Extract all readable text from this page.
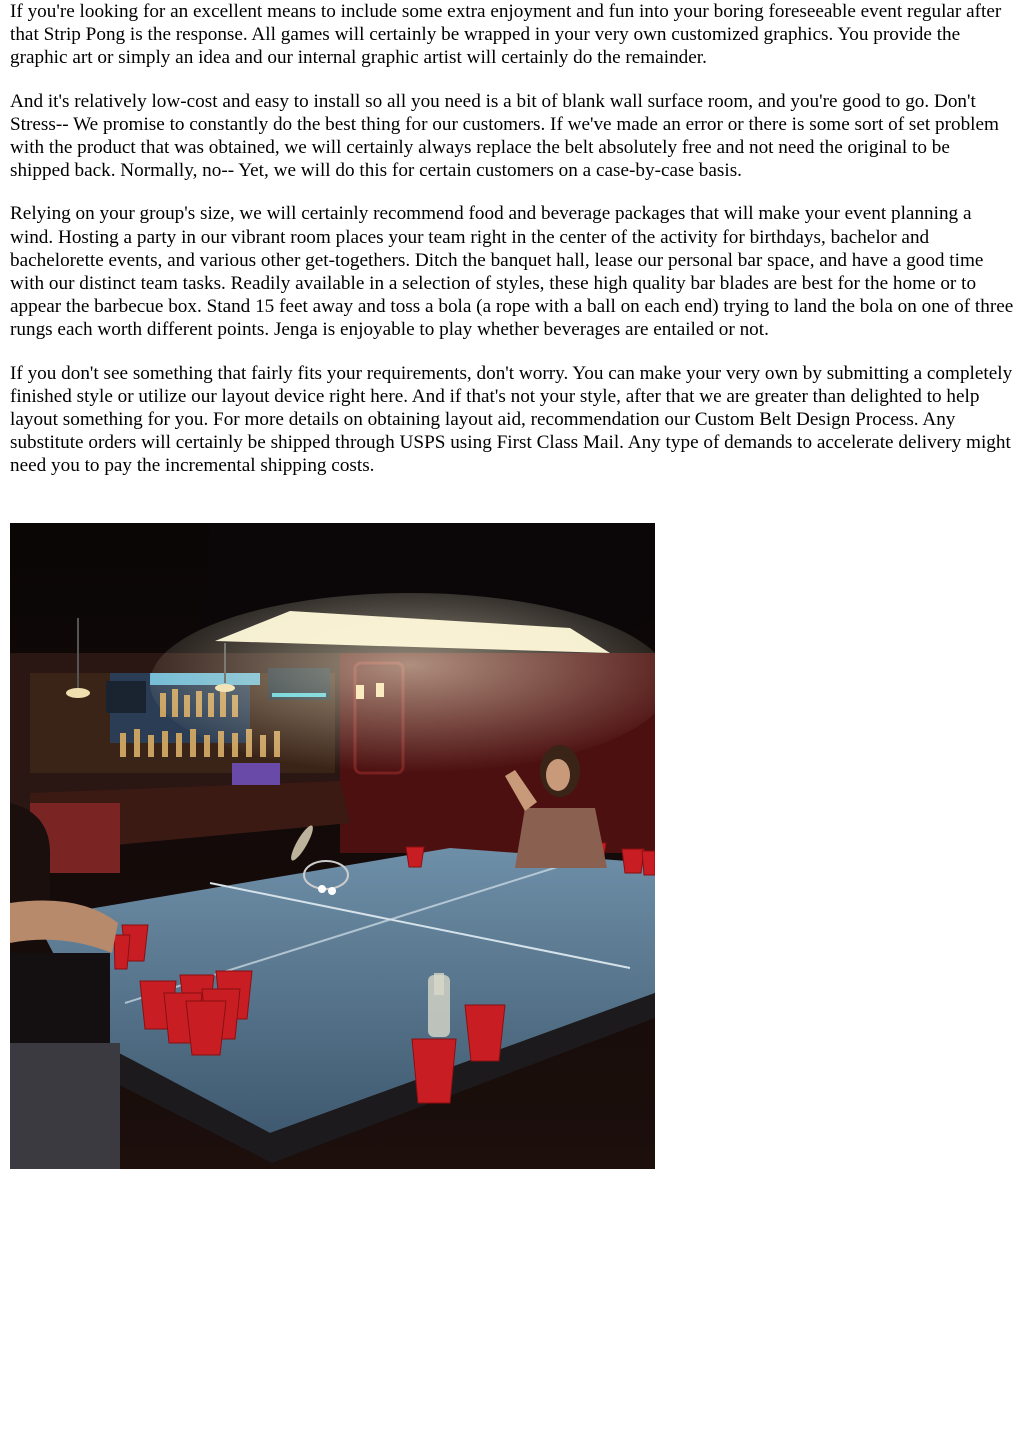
If you're looking for an excellent means to include some extra enjoyment and fun into your boring foreseeable event regular after that Strip Pong is the response. All games will certainly be wrapped in your very own customized graphics. You provide the graphic art or simply an idea and our internal graphic artist will certainly do the remainder.

And it's relatively low-cost and easy to install so all you need is a bit of blank wall surface room, and you're good to go. Don't Stress-- We promise to constantly do the best thing for our customers. If we've made an error or there is some sort of set problem with the product that was obtained, we will certainly always replace the belt absolutely free and not need the original to be shipped back. Normally, no-- Yet, we will do this for certain customers on a case-by-case basis.

Relying on your group's size, we will certainly recommend food and beverage packages that will make your event planning a wind. Hosting a party in our vibrant room places your team right in the center of the activity for birthdays, bachelor and bachelorette events, and various other get-togethers. Ditch the banquet hall, lease our personal bar space, and have a good time with our distinct team tasks. Readily available in a selection of styles, these high quality bar blades are best for the home or to appear the barbecue box. Stand 15 feet away and toss a bola (a rope with a ball on each end) trying to land the bola on one of three rungs each worth different points. Jenga is enjoyable to play whether beverages are entailed or not.

If you don't see something that fairly fits your requirements, don't worry. You can make your very own by submitting a completely finished style or utilize our layout device right here. And if that's not your style, after that we are greater than delighted to help layout something for you. For more details on obtaining layout aid, recommendation our Custom Belt Design Process. Any substitute orders will certainly be shipped through USPS using First Class Mail. Any type of demands to accelerate delivery might need you to pay the incremental shipping costs.
